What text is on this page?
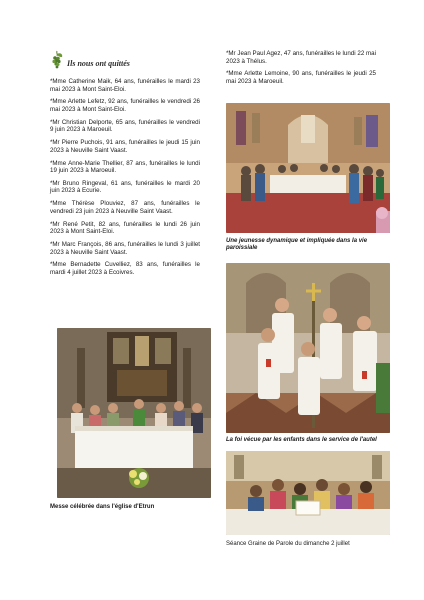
Ils nous ont quittés

*Mme Catherine Maik, 64 ans, funérailles le mardi 23 mai 2023 à Mont Saint-Eloi.

*Mme Arlette Lefetz, 92 ans, funérailles le vendredi 26 mai 2023 à Mont Saint-Eloi.

*Mr Christian Delporte, 65 ans, funérailles le vendredi 9 juin 2023 à Maroeuil.

*Mr Pierre Puchois, 91 ans, funérailles le jeudi 15 juin 2023 à Neuville Saint Vaast.

*Mme Anne-Marie Thellier, 87 ans, funérailles le lundi 19 juin 2023 à Maroeuil.

*Mr Bruno Ringeval, 61 ans, funérailles le mardi 20 juin 2023 à Ecurie.

*Mme Thérèse Plouviez, 87 ans, funérailles le vendredi 23 juin 2023 à Neuville Saint Vaast.

*Mr René Petit, 82 ans, funérailles le lundi 26 juin 2023 à Mont Saint-Eloi.

*Mr Marc François, 86 ans, funérailles le lundi 3 juillet 2023 à Neuville Saint Vaast.

*Mme Bernadette Cuvelliez, 83 ans, funérailles le mardi 4 juillet 2023 à Ecoivres.

*Mr Jean Paul Agez, 47 ans, funérailles le lundi 22 mai 2023 à Thélus.

*Mme Arlette Lemoine, 90 ans, funérailles le jeudi 25 mai 2023 à Maroeuil.

Une jeunesse dynamique et impliquée dans la vie paroissiale
La foi vécue par les enfants dans le service de l'autel
Séance Graine de Parole du dimanche 2 juillet
Messe célébrée dans l'église d'Etrun
